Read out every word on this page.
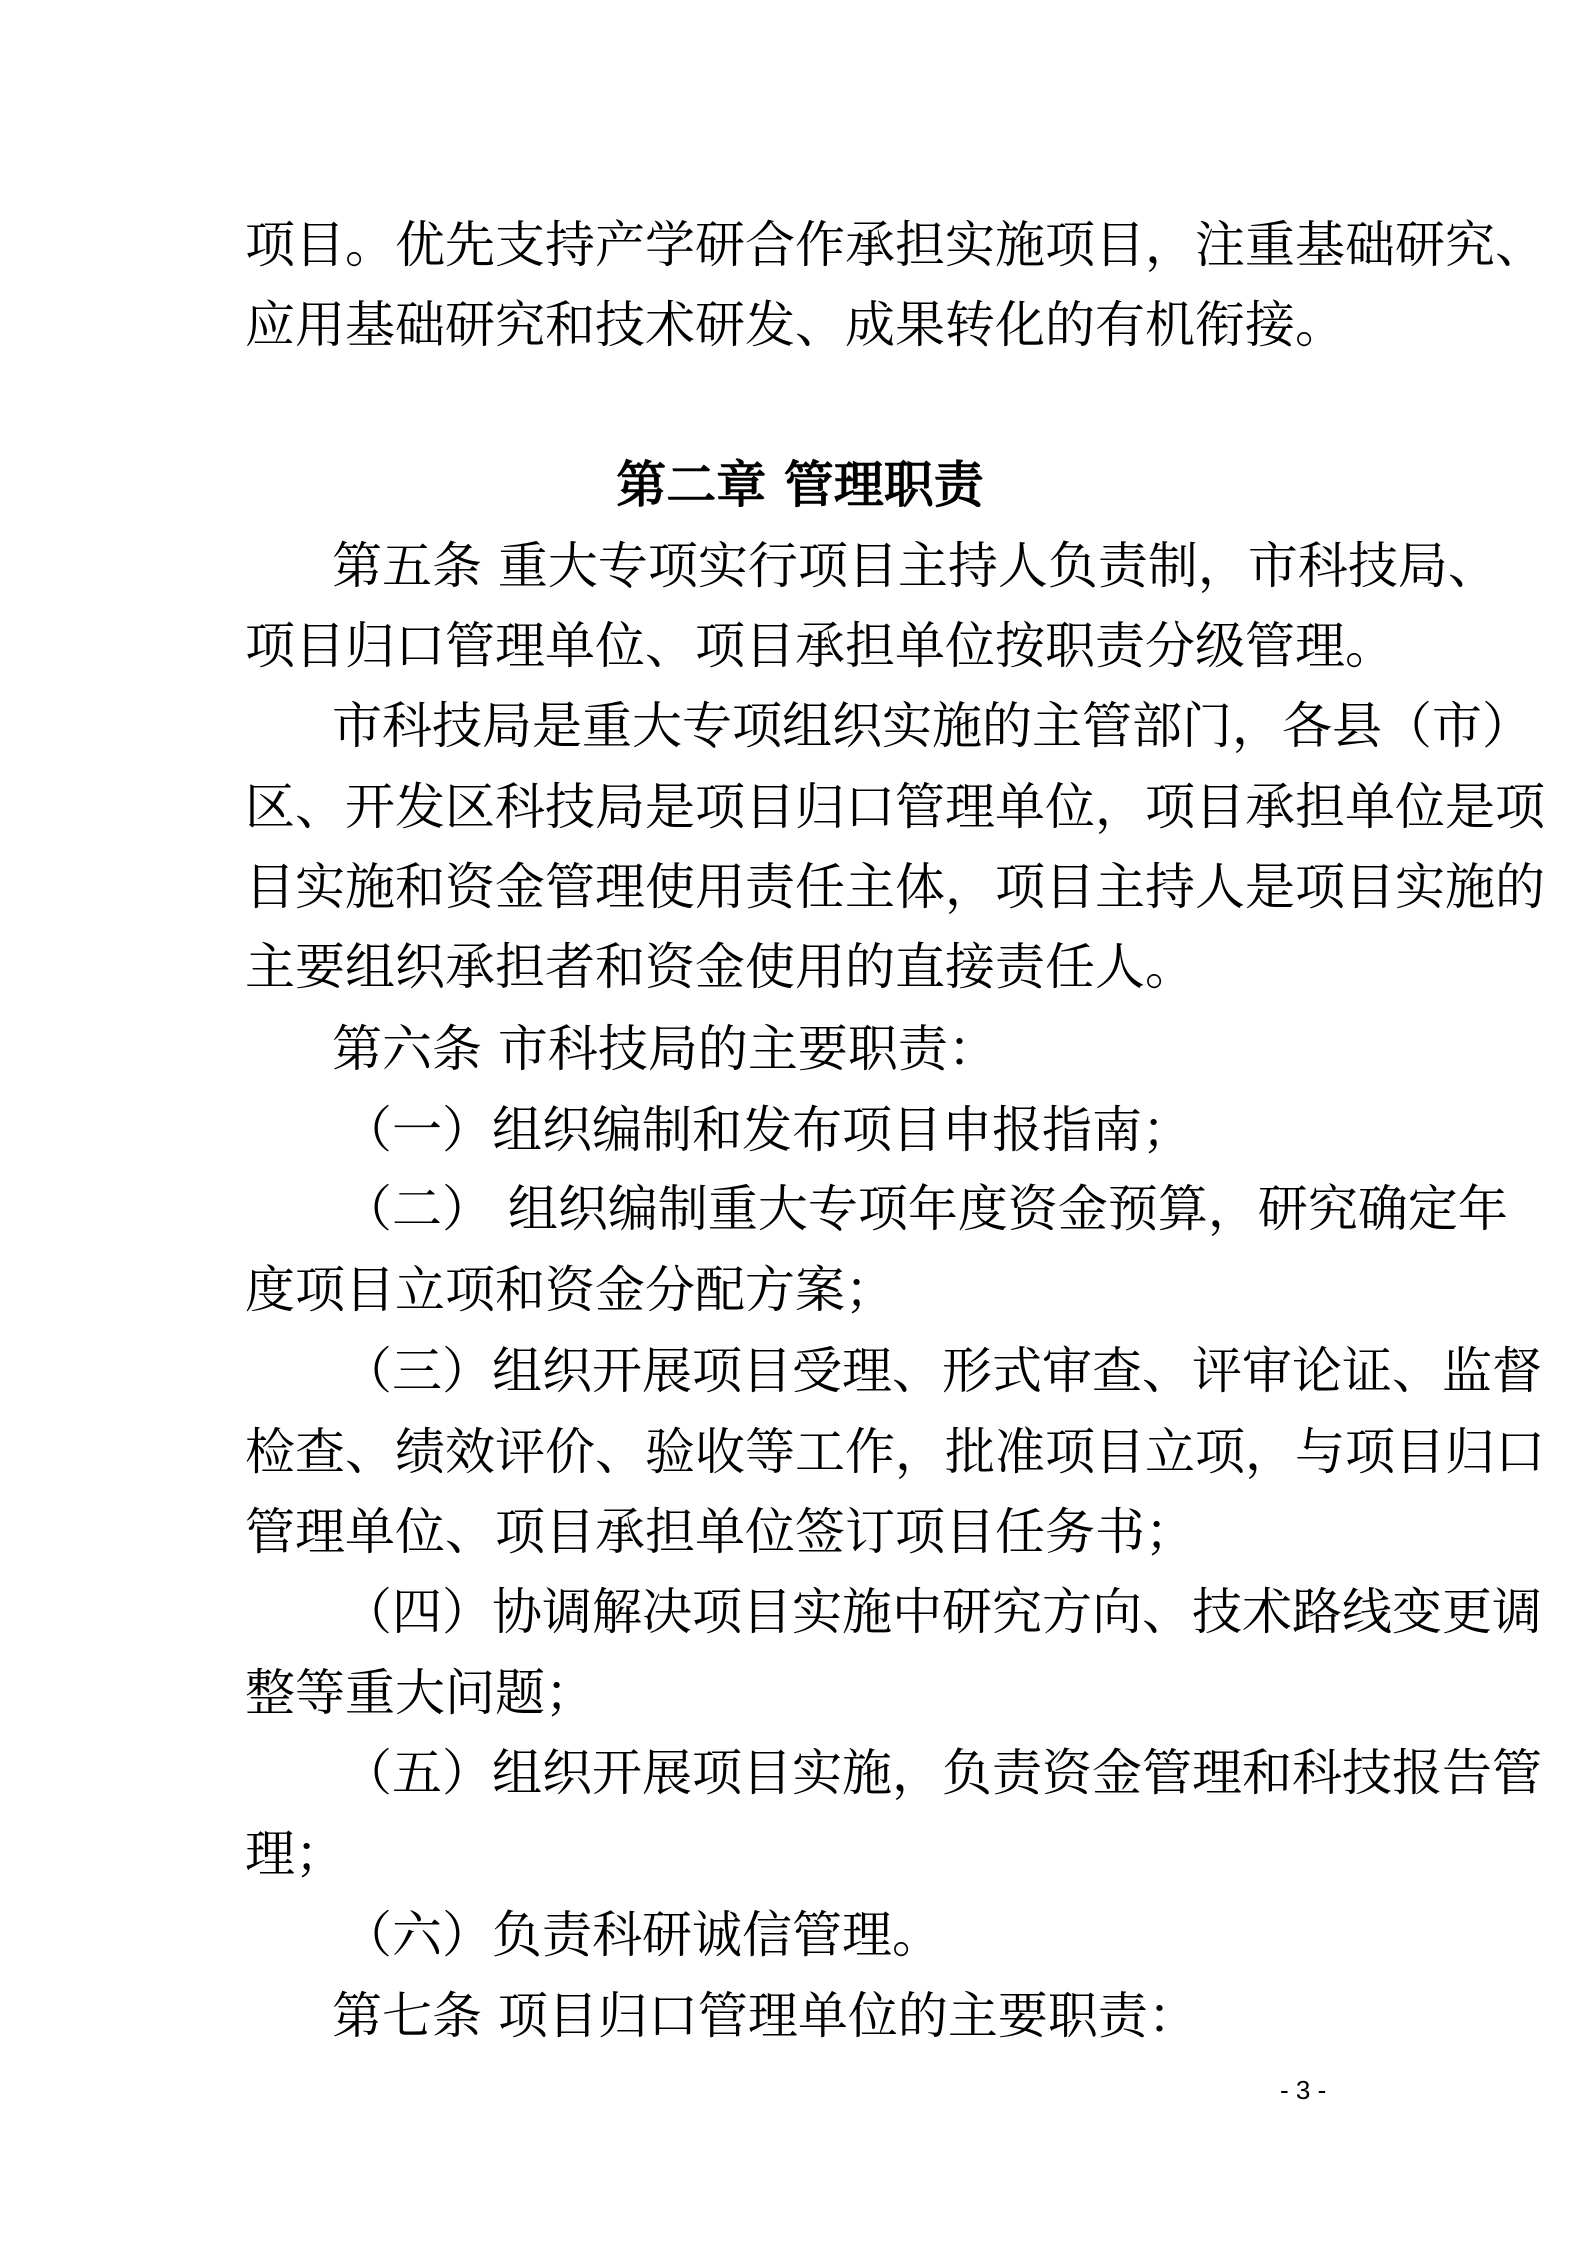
项目。优先支持产学研合作承担实施项目，注重基础研究、
应用基础研究和技术研发、成果转化的有机衔接。
第二章 管理职责
第五条 重大专项实行项目主持人负责制，市科技局、
项目归口管理单位、项目承担单位按职责分级管理。
市科技局是重大专项组织实施的主管部门，各县（市）
区、开发区科技局是项目归口管理单位，项目承担单位是项
目实施和资金管理使用责任主体，项目主持人是项目实施的
主要组织承担者和资金使用的直接责任人。
第六条 市科技局的主要职责：
（一）组织编制和发布项目申报指南；
（二） 组织编制重大专项年度资金预算，研究确定年
度项目立项和资金分配方案；
（三）组织开展项目受理、形式审查、评审论证、监督
检查、绩效评价、验收等工作，批准项目立项，与项目归口
管理单位、项目承担单位签订项目任务书；
（四）协调解决项目实施中研究方向、技术路线变更调
整等重大问题；
（五）组织开展项目实施，负责资金管理和科技报告管
理；
（六）负责科研诚信管理。
第七条 项目归口管理单位的主要职责：
- 3 -
